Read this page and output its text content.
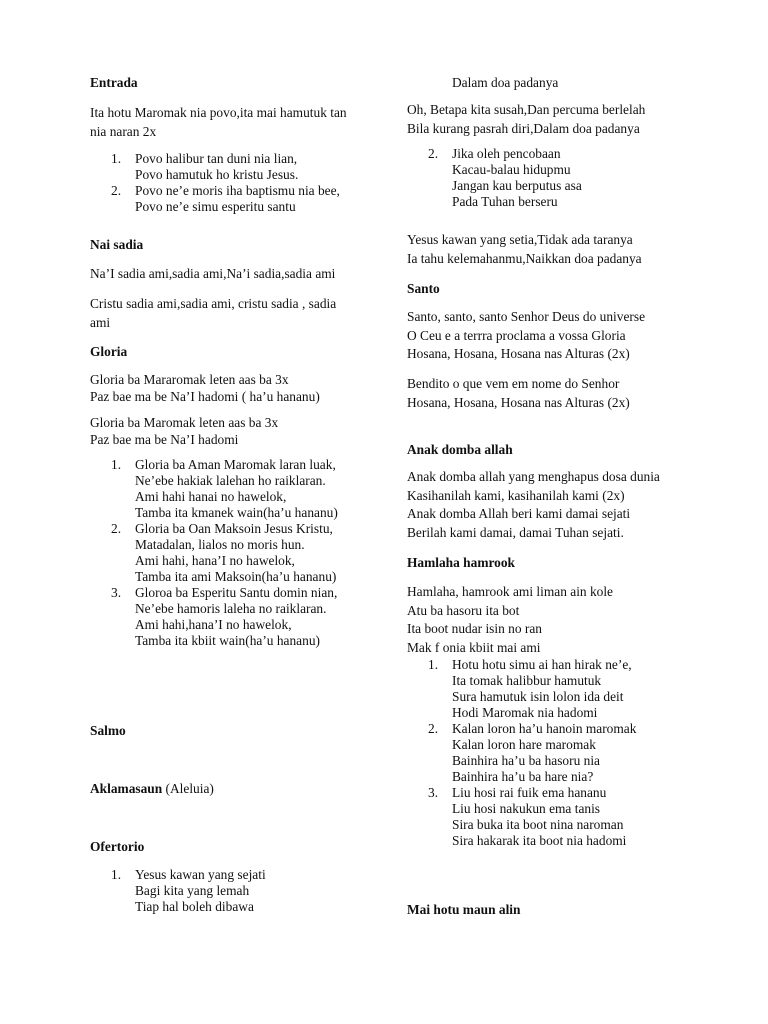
Entrada
Ita hotu Maromak nia povo,ita mai hamutuk tan
nia naran 2x
1. Povo halibur tan duni nia lian,
Povo hamutuk ho kristu Jesus.
2. Povo ne’e moris iha baptismu nia bee,
Povo ne’e simu esperitu santu
Nai sadia
Na’I sadia ami,sadia ami,Na’i sadia,sadia ami
Cristu sadia ami,sadia ami, cristu sadia , sadia
ami
Gloria
Gloria ba Mararomak leten aas ba 3x
Paz bae ma be Na’I hadomi ( ha’u hananu)
Gloria ba Maromak leten aas ba 3x
Paz bae ma be Na’I hadomi
1. Gloria ba Aman Maromak laran luak,
Ne’ebe hakiak lalehan ho raiklaran.
Ami hahi hanai no hawelok,
Tamba ita kmanek wain(ha’u hananu)
2. Gloria ba Oan Maksoin Jesus Kristu,
Matadalan, lialos no moris hun.
Ami hahi, hana’I no hawelok,
Tamba ita ami Maksoin(ha’u hananu)
3. Gloroa ba Esperitu Santu domin nian,
Ne’ebe hamoris laleha no raiklaran.
Ami hahi,hana’I no hawelok,
Tamba ita kbiit wain(ha’u hananu)
Salmo
Aklamasaun (Aleluia)
Ofertorio
1. Yesus kawan yang sejati
Bagi kita yang lemah
Tiap hal boleh dibawa
Dalam doa padanya
Oh, Betapa kita susah,Dan percuma berlelah
Bila kurang pasrah diri,Dalam doa padanya
2. Jika oleh pencobaan
Kacau-balau hidupmu
Jangan kau berputus asa
Pada Tuhan berseru
Yesus kawan yang setia,Tidak ada taranya
Ia tahu kelemahanmu,Naikkan doa padanya
Santo
Santo, santo, santo Senhor Deus do universe
O Ceu e a terrra proclama a vossa Gloria
Hosana, Hosana, Hosana nas Alturas (2x)
Bendito o que vem em nome do Senhor
Hosana, Hosana, Hosana nas Alturas (2x)
Anak domba allah
Anak domba allah yang menghapus dosa dunia
Kasihanilah kami, kasihanilah kami (2x)
Anak domba Allah beri kami damai sejati
Berilah kami damai, damai Tuhan sejati.
Hamlaha hamrook
Hamlaha, hamrook ami liman ain kole
Atu ba hasoru ita bot
Ita boot nudar isin no ran
Mak f onia kbiit mai ami
1. Hotu hotu simu ai han hirak ne’e,
Ita tomak halibbur hamutuk
Sura hamutuk isin lolon ida deit
Hodi Maromak nia hadomi
2. Kalan loron ha’u hanoin maromak
Kalan loron hare maromak
Bainhira ha’u ba hasoru nia
Bainhira ha’u ba hare nia?
3. Liu hosi rai fuik ema hananu
Liu hosi nakukun ema tanis
Sira buka ita boot nina naroman
Sira hakarak ita boot nia hadomi
Mai hotu maun alin
